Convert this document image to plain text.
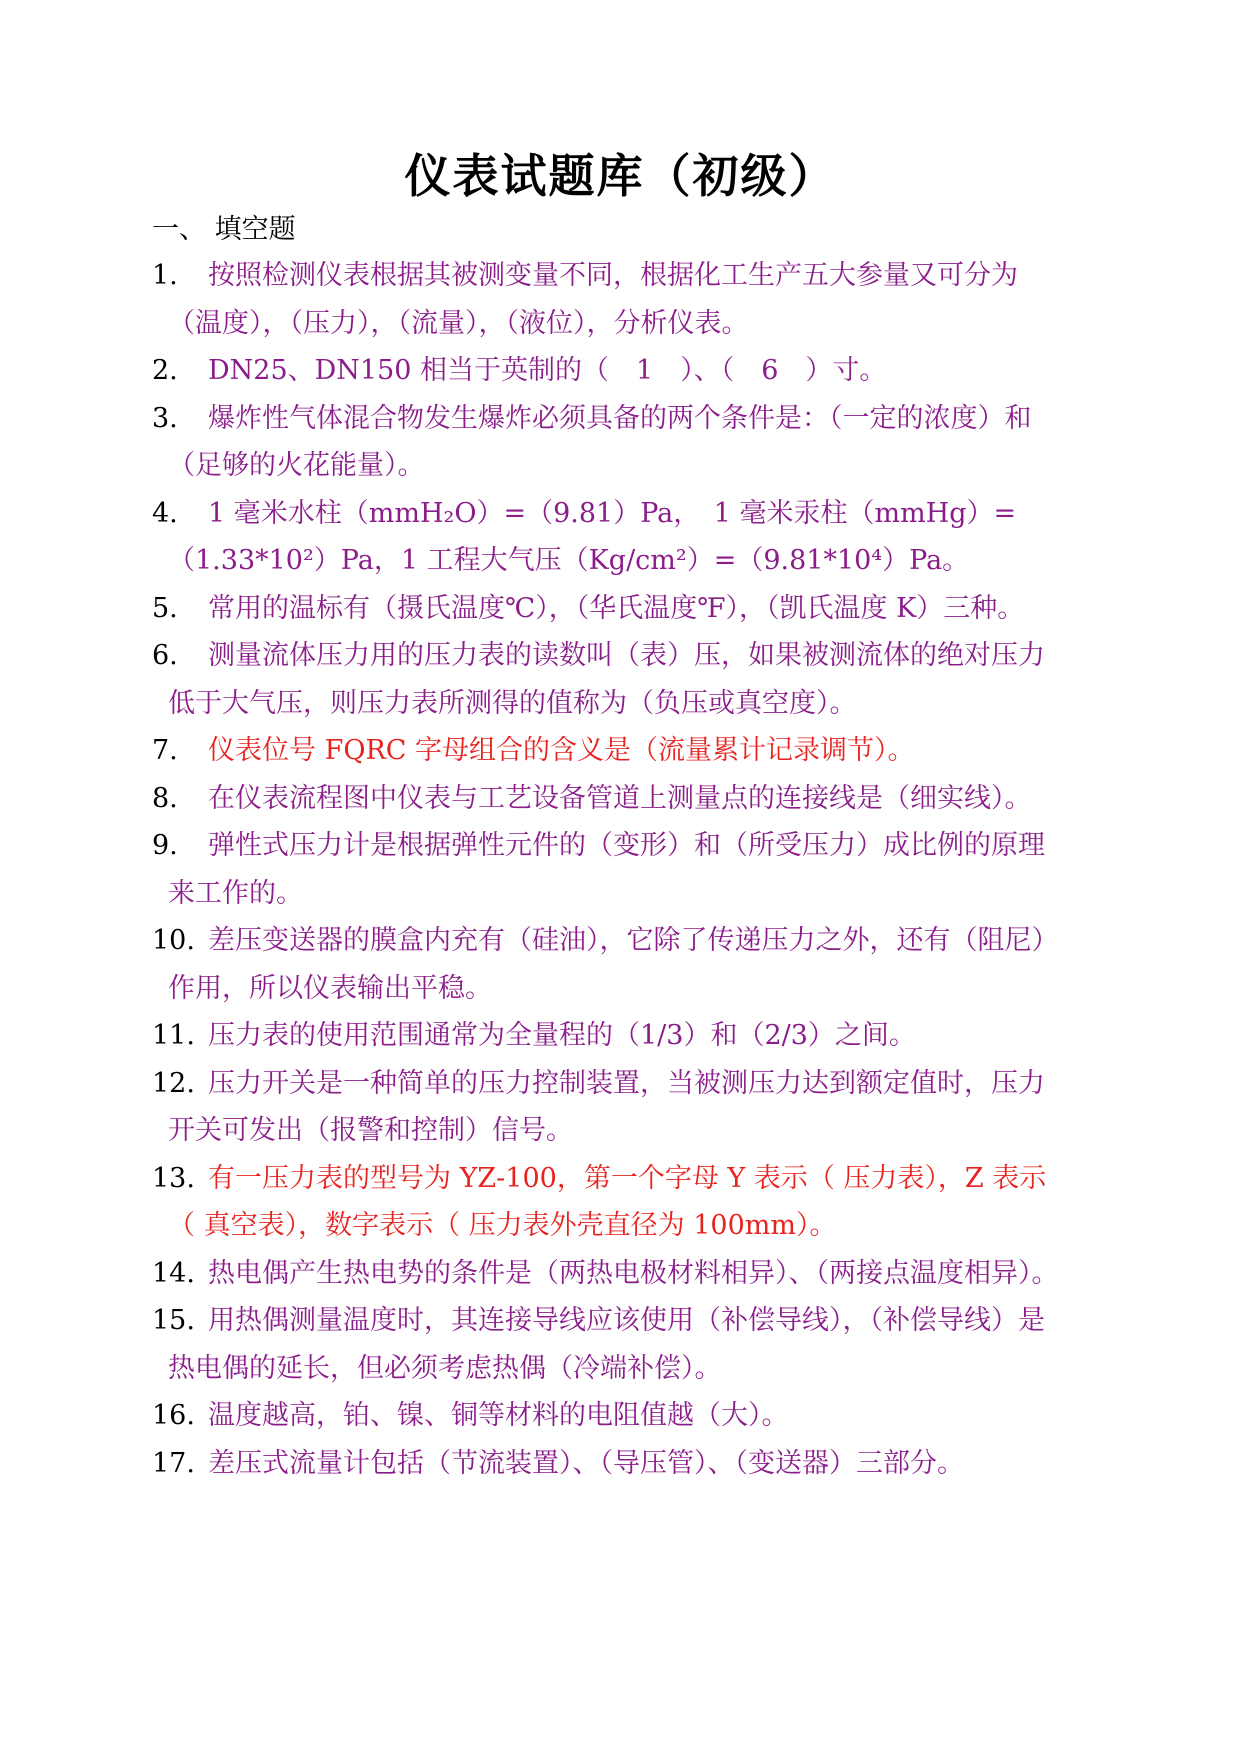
仪表试题库（初级）
一、 填空题
1.	按照检测仪表根据其被测变量不同，根据化工生产五大参量又可分为（温度），（压力），（流量），（液位），分析仪表。
2.	DN25、DN150 相当于英制的（　1　）、（　6　）寸。
3.	爆炸性气体混合物发生爆炸必须具备的两个条件是：（一定的浓度）和（足够的火花能量）。
4.	1 毫米水柱（mmH₂O）=（9.81）Pa，　1 毫米汞柱（mmHg）=（1.33*10²）Pa，1 工程大气压（Kg/cm²）=（9.81*10⁴）Pa。
5.	常用的温标有（摄氏温度℃），（华氏温度℉），（凯氏温度 K）三种。
6.	测量流体压力用的压力表的读数叫（表）压，如果被测流体的绝对压力低于大气压，则压力表所测得的值称为（负压或真空度）。
7.	仪表位号 FQRC 字母组合的含义是（流量累计记录调节）。
8.	在仪表流程图中仪表与工艺设备管道上测量点的连接线是（细实线）。
9.	弹性式压力计是根据弹性元件的（变形）和（所受压力）成比例的原理来工作的。
10. 差压变送器的膜盒内充有（硅油），它除了传递压力之外，还有（阻尼）作用，所以仪表输出平稳。
11. 压力表的使用范围通常为全量程的（1/3）和（2/3）之间。
12. 压力开关是一种简单的压力控制装置，当被测压力达到额定值时，压力开关可发出（报警和控制）信号。
13. 有一压力表的型号为 YZ-100，第一个字母 Y 表示（ 压力表），Z 表示（ 真空表），数字表示（ 压力表外壳直径为 100mm）。
14. 热电偶产生热电势的条件是（两热电极材料相异）、（两接点温度相异）。
15. 用热偶测量温度时，其连接导线应该使用（补偿导线），（补偿导线）是热电偶的延长，但必须考虑热偶（冷端补偿）。
16. 温度越高，铂、镍、铜等材料的电阻值越（大）。
17. 差压式流量计包括（节流装置）、（导压管）、（变送器）三部分。
